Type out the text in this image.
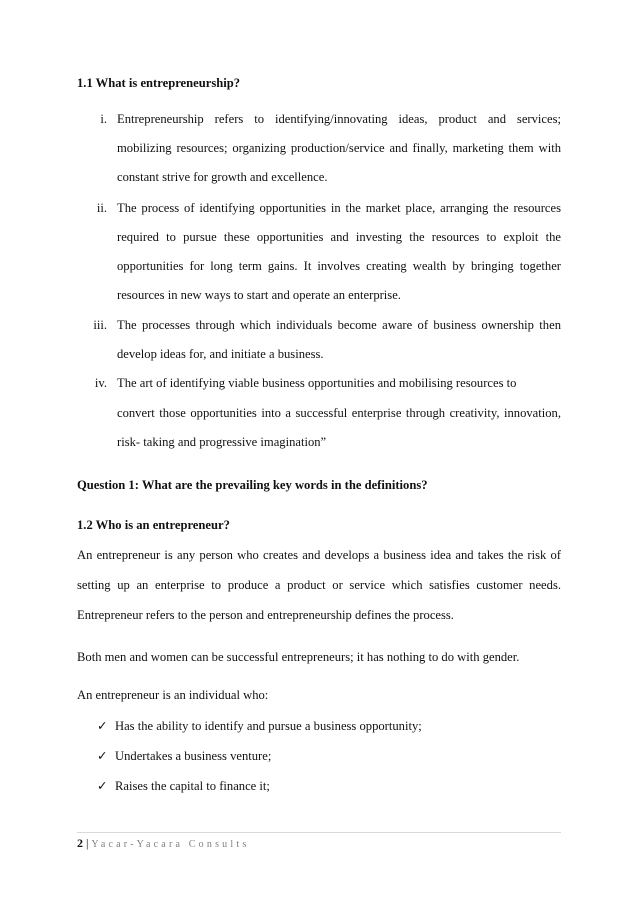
1.1 What is entrepreneurship?
i. Entrepreneurship refers to identifying/innovating ideas, product and services;
mobilizing resources; organizing production/service and finally, marketing them with
constant strive for growth and excellence.
ii. The process of identifying opportunities in the market place, arranging the resources
required to pursue these opportunities and investing the resources to exploit the
opportunities for long term gains. It involves creating wealth by bringing together
resources in new ways to start and operate an enterprise.
iii. The processes through which individuals become aware of business ownership then
develop ideas for, and initiate a business.
iv. The art of identifying viable business opportunities and mobilising resources to
convert those opportunities into a successful enterprise through creativity, innovation,
risk- taking and progressive imagination”
Question 1: What are the prevailing key words in the definitions?
1.2 Who is an entrepreneur?
An entrepreneur is any person who creates and develops a business idea and takes the risk of
setting up an enterprise to produce a product or service which satisfies customer needs.
Entrepreneur refers to the person and entrepreneurship defines the process.
Both men and women can be successful entrepreneurs; it has nothing to do with gender.
An entrepreneur is an individual who:
✓ Has the ability to identify and pursue a business opportunity;
✓ Undertakes a business venture;
✓ Raises the capital to finance it;
2 | Yacar-Yacara Consults
